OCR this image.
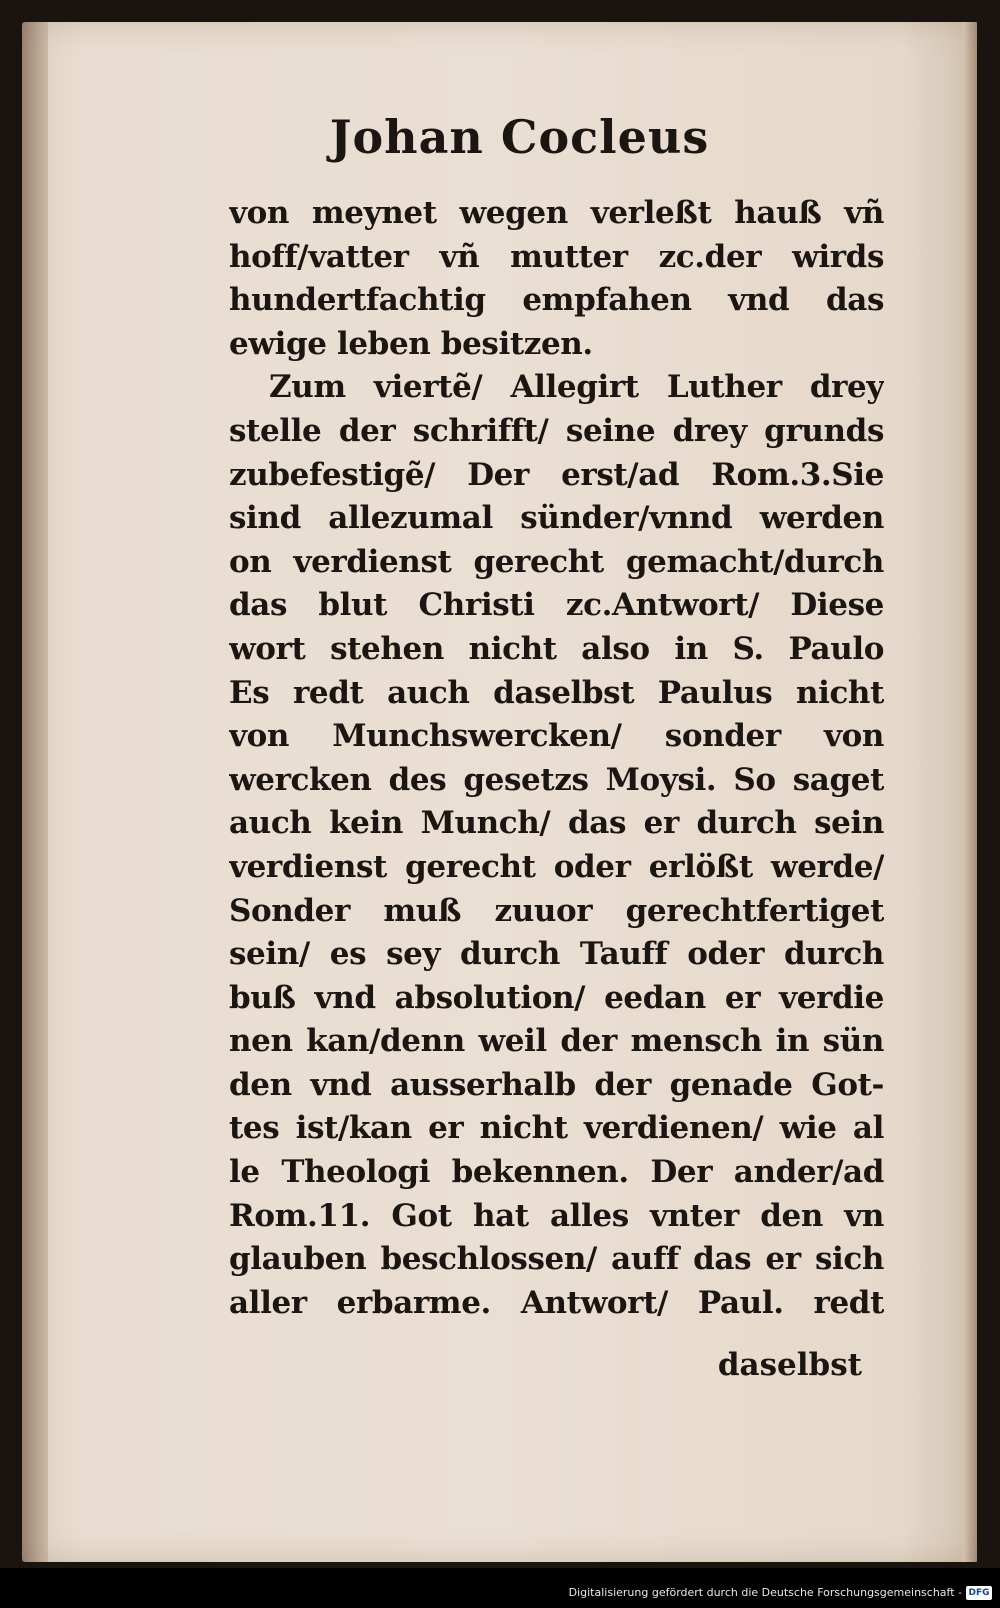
Johan Cocleus
von meynet wegen verleßt hauß vñ
hoff/vatter vñ mutter zc.der wirds
hundertfachtig empfahen vnd das
ewige leben besitzen.
Zum viertẽ/ Allegirt Luther drey
stelle der schrifft/ seine drey grunds
zubefestigẽ/ Der erst/ad Rom.3.Sie
sind allezumal sünder/vnnd werden
on verdienst gerecht gemacht/durch
das blut Christi zc.Antwort/ Diese
wort stehen nicht also in S. Paulo
Es redt auch daselbst Paulus nicht
von Munchswercken/ sonder von
wercken des gesetzs Moysi. So saget
auch kein Munch/ das er durch sein
verdienst gerecht oder erlößt werde/
Sonder muß zuuor gerechtfertiget
sein/ es sey durch Tauff oder durch
buß vnd absolution/ eedan er verdie
nen kan/denn weil der mensch in sün
den vnd ausserhalb der genade Got-
tes ist/kan er nicht verdienen/ wie al
le Theologi bekennen. Der ander/ad
Rom.11. Got hat alles vnter den vn
glauben beschlossen/ auff das er sich
aller erbarme. Antwort/ Paul. redt
daselbst
Digitalisierung gefördert durch die Deutsche Forschungsgemeinschaft - DFG
